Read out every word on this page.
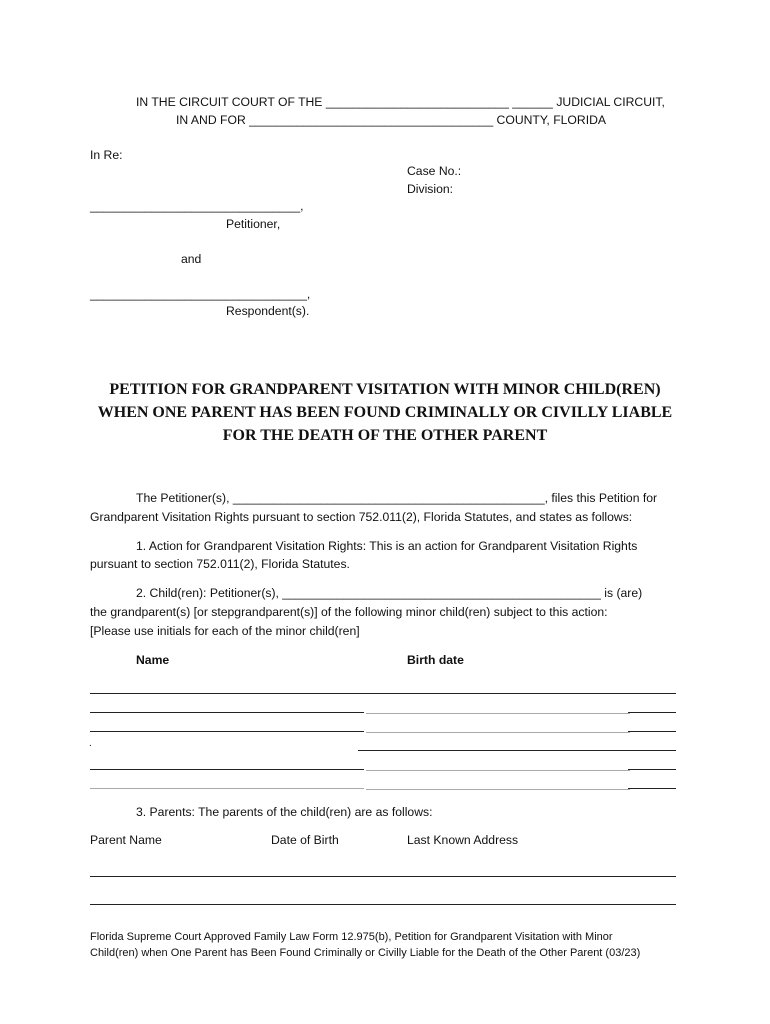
IN THE CIRCUIT COURT OF THE ___________________________ ______ JUDICIAL CIRCUIT,
IN AND FOR ____________________________________ COUNTY, FLORIDA
In Re:
Case No.:
Division:
_______________________________,
Petitioner,
and
________________________________,
Respondent(s).
PETITION FOR GRANDPARENT VISITATION WITH MINOR CHILD(REN)
WHEN ONE PARENT HAS BEEN FOUND CRIMINALLY OR CIVILLY LIABLE
FOR THE DEATH OF THE OTHER PARENT
The Petitioner(s), ______________________________________________, files this Petition for
Grandparent Visitation Rights pursuant to section 752.011(2), Florida Statutes, and states as follows:
1. Action for Grandparent Visitation Rights: This is an action for Grandparent Visitation Rights
pursuant to section 752.011(2), Florida Statutes.
2. Child(ren): Petitioner(s), _______________________________________________ is (are)
the grandparent(s) [or stepgrandparent(s)] of the following minor child(ren) subject to this action:
[Please use initials for each of the minor child(ren]
Name	Birth date
.
3. Parents: The parents of the child(ren) are as follows:
Parent Name	Date of Birth	Last Known Address
Florida Supreme Court Approved Family Law Form 12.975(b), Petition for Grandparent Visitation with Minor
Child(ren) when One Parent has Been Found Criminally or Civilly Liable for the Death of the Other Parent (03/23)
